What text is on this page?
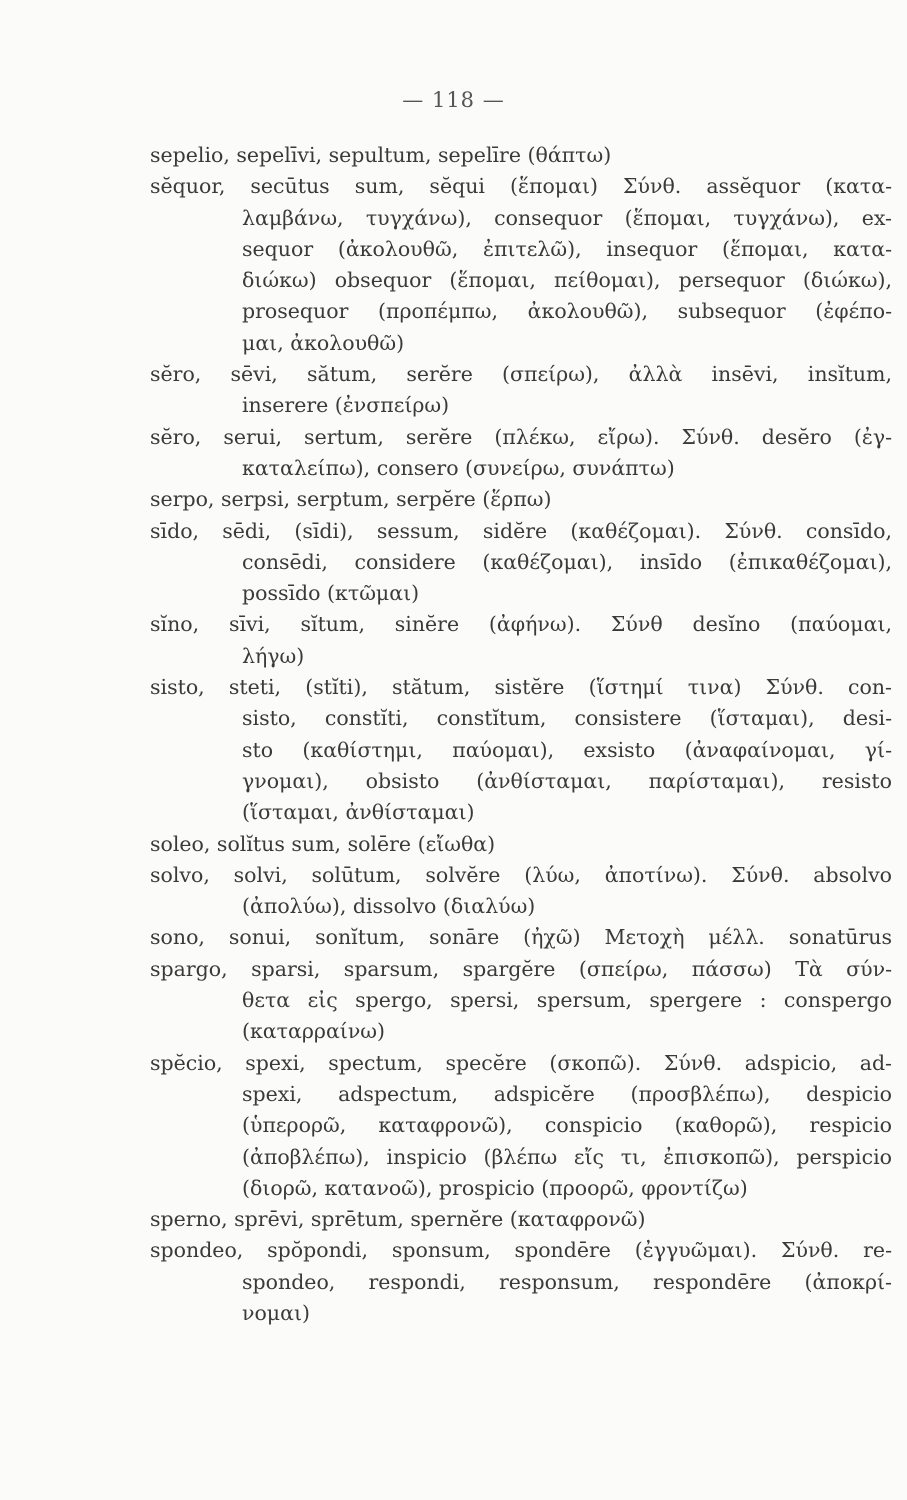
— 118 —
sepelio, sepelīvi, sepultum, sepelīre (θάπτω)
sĕquor, secūtus sum, sĕqui (ἕπομαι) Σύνθ. assĕquor (κατα-
λαμβάνω, τυγχάνω), consequor (ἕπομαι, τυγχάνω), ex-
sequor (ἀκολουθῶ, ἐπιτελῶ), insequor (ἕπομαι, κατα-
διώκω) obsequor (ἕπομαι, πείθομαι), persequor (διώκω),
prosequor (προπέμπω, ἀκολουθῶ), subsequor (ἐφέπο-
μαι, ἀκολουθῶ)
sĕro, sēvi, sătum, serĕre (σπείρω), ἀλλὰ insēvi, insĭtum,
inserere (ἐνσπείρω)
sĕro, serui, sertum, serĕre (πλέκω, εἴρω). Σύνθ. desĕro (ἐγ-
καταλείπω), consero (συνείρω, συνάπτω)
serpo, serpsi, serptum, serpĕre (ἕρπω)
sīdo, sēdi, (sīdi), sessum, sidĕre (καθέζομαι). Σύνθ. consīdo,
consēdi, considere (καθέζομαι), insīdo (ἐπικαθέζομαι),
possīdo (κτῶμαι)
sĭno, sīvi, sĭtum, sinĕre (ἀφήνω). Σύνθ desĭno (παύομαι,
λήγω)
sisto, steti, (stĭti), stătum, sistĕre (ἵστημί τινα) Σύνθ. con-
sisto, constĭti, constĭtum, consistere (ἵσταμαι), desi-
sto (καθίστημι, παύομαι), exsisto (ἀναφαίνομαι, γί-
γνομαι), obsisto (ἀνθίσταμαι, παρίσταμαι), resisto
(ἵσταμαι, ἀνθίσταμαι)
soleo, solĭtus sum, solēre (εἴωθα)
solvo, solvi, solūtum, solvĕre (λύω, ἀποτίνω). Σύνθ. absolvo
(ἀπολύω), dissolvo (διαλύω)
sono, sonui, sonĭtum, sonāre (ἠχῶ) Μετοχὴ μέλλ. sonatūrus
spargo, sparsi, sparsum, spargĕre (σπείρω, πάσσω) Τὰ σύν-
θετα εἰς spergo, spersi, spersum, spergere : conspergo
(καταρραίνω)
spĕcio, spexi, spectum, specĕre (σκοπῶ). Σύνθ. adspicio, ad-
spexi, adspectum, adspicĕre (προσβλέπω), despicio
(ὑπερορῶ, καταφρονῶ), conspicio (καθορῶ), respicio
(ἀποβλέπω), inspicio (βλέπω εἴς τι, ἐπισκοπῶ), perspicio
(διορῶ, κατανοῶ), prospicio (προορῶ, φροντίζω)
sperno, sprēvi, sprētum, spernĕre (καταφρονῶ)
spondeo, spŏpondi, sponsum, spondēre (ἐγγυῶμαι). Σύνθ. re-
spondeo, respondi, responsum, respondēre (ἀποκρί-
νομαι)
